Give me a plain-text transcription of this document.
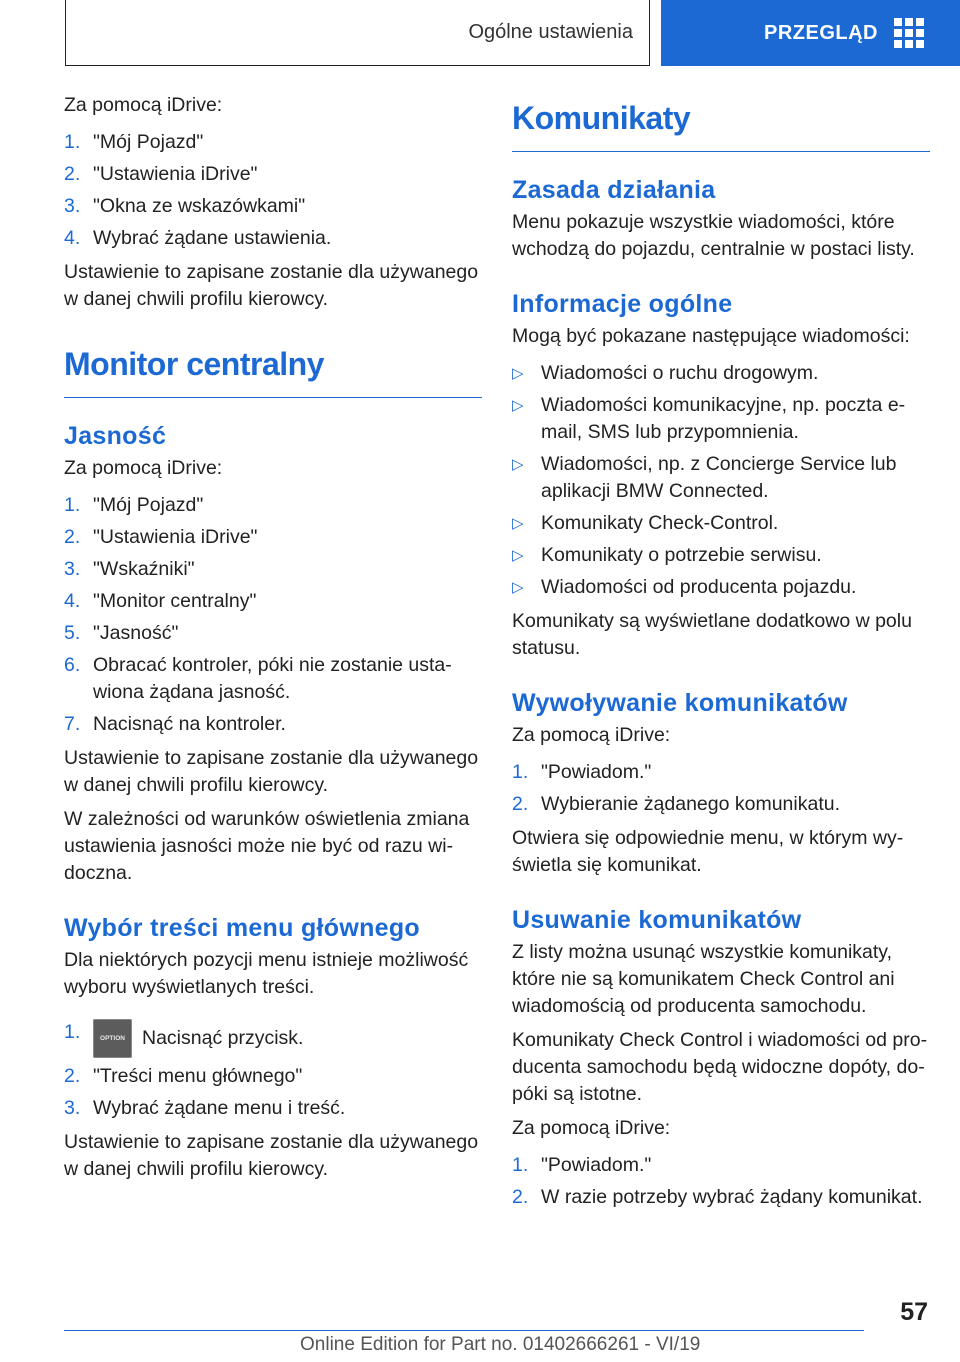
Ogólne ustawienia	PRZEGLĄD

Za pomocą iDrive:

1. "Mój Pojazd"
2. "Ustawienia iDrive"
3. "Okna ze wskazówkami"
4. Wybrać żądane ustawienia.

Ustawienie to zapisane zostanie dla używanego w danej chwili profilu kierowcy.

Monitor centralny
Jasność

Za pomocą iDrive:

1. "Mój Pojazd"
2. "Ustawienia iDrive"
3. "Wskaźniki"
4. "Monitor centralny"
5. "Jasność"
6. Obracać kontroler, póki nie zostanie ustawiona żądana jasność.
7. Nacisnąć na kontroler.

Ustawienie to zapisane zostanie dla używanego w danej chwili profilu kierowcy.

W zależności od warunków oświetlenia zmiana ustawienia jasności może nie być od razu widoczna.

Wybór treści menu głównego

Dla niektórych pozycji menu istnieje możliwość wyboru wyświetlanych treści.

1.	OPTION Nacisnąć przycisk.
2. "Treści menu głównego"
3. Wybrać żądane menu i treść.

Ustawienie to zapisane zostanie dla używanego w danej chwili profilu kierowcy.

Komunikaty
Zasada działania

Menu pokazuje wszystkie wiadomości, które wchodzą do pojazdu, centralnie w postaci listy.

Informacje ogólne

Mogą być pokazane następujące wiadomości:

▷ Wiadomości o ruchu drogowym.
▷ Wiadomości komunikacyjne, np. poczta e-mail, SMS lub przypomnienia.
▷ Wiadomości, np. z Concierge Service lub aplikacji BMW Connected.
▷ Komunikaty Check-Control.
▷ Komunikaty o potrzebie serwisu.
▷ Wiadomości od producenta pojazdu.

Komunikaty są wyświetlane dodatkowo w polu statusu.

Wywoływanie komunikatów

Za pomocą iDrive:

1. "Powiadom."
2. Wybieranie żądanego komunikatu.

Otwiera się odpowiednie menu, w którym wyświetla się komunikat.

Usuwanie komunikatów

Z listy można usunąć wszystkie komunikaty, które nie są komunikatem Check Control ani wiadomością od producenta samochodu.

Komunikaty Check Control i wiadomości od producenta samochodu będą widoczne dopóty, dopóki są istotne.

Za pomocą iDrive:

1. "Powiadom."
2. W razie potrzeby wybrać żądany komunikat.
57
Online Edition for Part no. 01402666261 - VI/19
